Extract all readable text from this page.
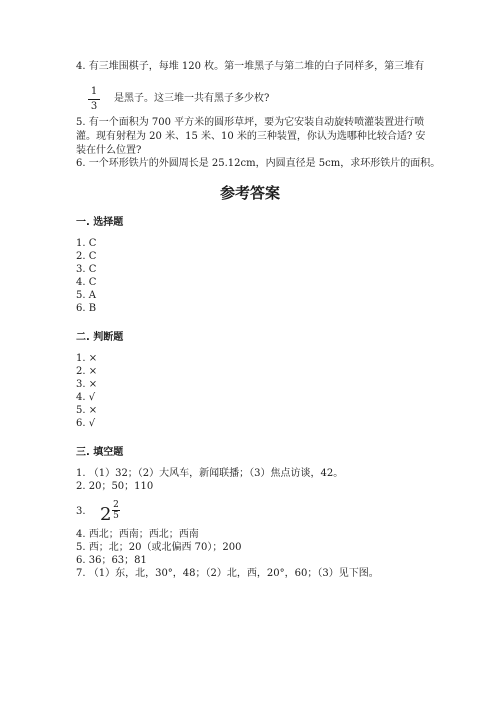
4. 有三堆围棋子，每堆 120 枚。第一堆黑子与第二堆的白子同样多，第三堆有
1
3
是黑子。这三堆一共有黑子多少枚?
5. 有一个面积为 700 平方米的圆形草坪，要为它安装自动旋转喷灌装置进行喷
灌。现有射程为 20 米、15 米、10 米的三种装置，你认为选哪种比较合适? 安
装在什么位置?
6. 一个环形铁片的外圆周长是 25.12cm，内圆直径是 5cm，求环形铁片的面积。
参考答案
一. 选择题
1. C
2. C
3. C
4. C
5. A
6. B
二. 判断题
1. ×
2. ×
3. ×
4. √
5. ×
6. √
三. 填空题
1. （1）32；（2）大风车，新闻联播；（3）焦点访谈，42。
2. 20；50；110
3. 2 2
5
4. 西北；西南；西北；西南
5. 西；北；20（或北偏西 70）；200
6. 36；63；81
7. （1）东，北，30°，48；（2）北，西，20°，60；（3）见下图。
